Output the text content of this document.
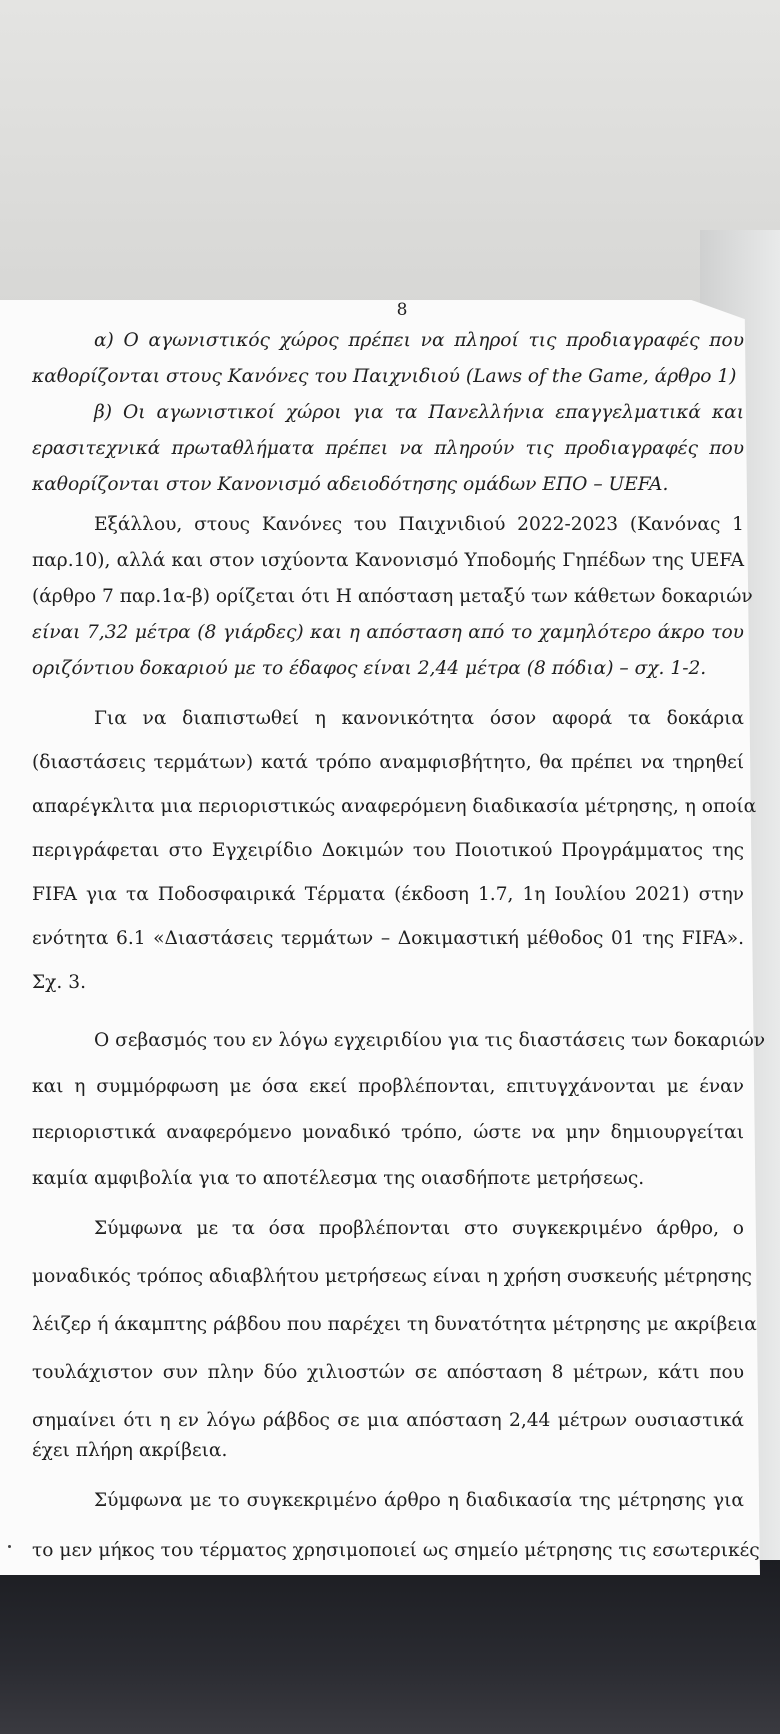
8
α) Ο αγωνιστικός χώρος πρέπει να πληροί τις προδιαγραφές που
καθορίζονται στους Κανόνες του Παιχνιδιού (Laws of the Game, άρθρο 1)
β) Οι αγωνιστικοί χώροι για τα Πανελλήνια επαγγελματικά και
ερασιτεχνικά πρωταθλήματα πρέπει να πληρούν τις προδιαγραφές που
καθορίζονται στον Κανονισμό αδειοδότησης ομάδων ΕΠΟ – UEFA.
Εξάλλου, στους Κανόνες του Παιχνιδιού 2022-2023 (Κανόνας 1
παρ.10), αλλά και στον ισχύοντα Κανονισμό Υποδομής Γηπέδων της UEFA
(άρθρο 7 παρ.1α-β) ορίζεται ότι Η απόσταση μεταξύ των κάθετων δοκαριών
είναι 7,32 μέτρα (8 γιάρδες) και η απόσταση από το χαμηλότερο άκρο του
οριζόντιου δοκαριού με το έδαφος είναι 2,44 μέτρα (8 πόδια) – σχ. 1-2.
Για να διαπιστωθεί η κανονικότητα όσον αφορά τα δοκάρια
(διαστάσεις τερμάτων) κατά τρόπο αναμφισβήτητο, θα πρέπει να τηρηθεί
απαρέγκλιτα μια περιοριστικώς αναφερόμενη διαδικασία μέτρησης, η οποία
περιγράφεται στο Εγχειρίδιο Δοκιμών του Ποιοτικού Προγράμματος της
FIFA για τα Ποδοσφαιρικά Τέρματα (έκδοση 1.7, 1η Ιουλίου 2021) στην
ενότητα 6.1 «Διαστάσεις τερμάτων – Δοκιμαστική μέθοδος 01 της FIFA».
Σχ. 3.
Ο σεβασμός του εν λόγω εγχειριδίου για τις διαστάσεις των δοκαριών
και η συμμόρφωση με όσα εκεί προβλέπονται, επιτυγχάνονται με έναν
περιοριστικά αναφερόμενο μοναδικό τρόπο, ώστε να μην δημιουργείται
καμία αμφιβολία για το αποτέλεσμα της οιασδήποτε μετρήσεως.
Σύμφωνα με τα όσα προβλέπονται στο συγκεκριμένο άρθρο, ο
μοναδικός τρόπος αδιαβλήτου μετρήσεως είναι η χρήση συσκευής μέτρησης
λέιζερ ή άκαμπτης ράβδου που παρέχει τη δυνατότητα μέτρησης με ακρίβεια
τουλάχιστον συν πλην δύο χιλιοστών σε απόσταση 8 μέτρων, κάτι που
σημαίνει ότι η εν λόγω ράβδος σε μια απόσταση 2,44 μέτρων ουσιαστικά
έχει πλήρη ακρίβεια.
Σύμφωνα με το συγκεκριμένο άρθρο η διαδικασία της μέτρησης για
το μεν μήκος του τέρματος χρησιμοποιεί ως σημείο μέτρησης τις εσωτερικές
